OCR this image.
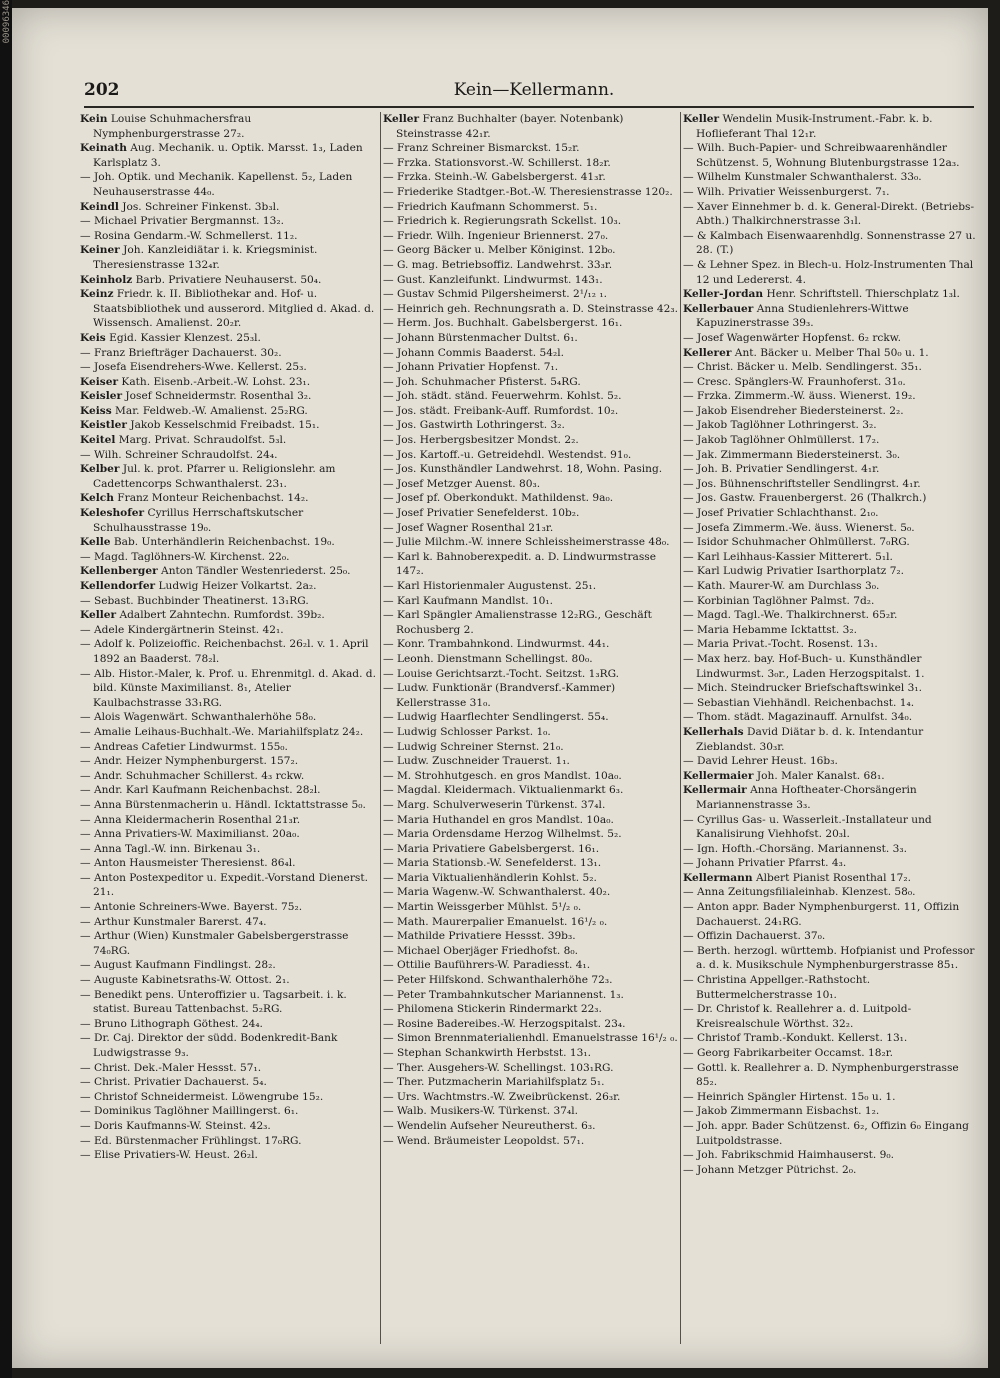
00096346
202	Kein—Kellermann.
Kein Louise Schuhmachersfrau Nymphenburgerstrasse 27₂.
Keinath Aug. Mechanik. u. Optik. Marsst. 1₃, Laden Karlsplatz 3.
— Joh. Optik. und Mechanik. Kapellenst. 5₂, Laden Neuhauserstrasse 44₀.
Keindl Jos. Schreiner Finkenst. 3b₃l.
— Michael Privatier Bergmannst. 13₂.
— Rosina Gendarm.-W. Schmellerst. 11₂.
Keiner Joh. Kanzleidiätar i. k. Kriegsminist. Theresienstrasse 132₄r.
Keinholz Barb. Privatiere Neuhauserst. 50₄.
Keinz Friedr. k. II. Bibliothekar and. Hof- u. Staatsbibliothek und ausserord. Mitglied d. Akad. d. Wissensch. Amalienst. 20₂r.
Keis Egid. Kassier Klenzest. 25₃l.
— Franz Briefträger Dachauerst. 30₂.
— Josefa Eisendrehers-Wwe. Kellerst. 25₃.
Keiser Kath. Eisenb.-Arbeit.-W. Lohst. 23₁.
Keisler Josef Schneidermstr. Rosenthal 3₂.
Keiss Mar. Feldweb.-W. Amalienst. 25₂RG.
Keistler Jakob Kesselschmid Freibadst. 15₁.
Keitel Marg. Privat. Schraudolfst. 5₃l.
— Wilh. Schreiner Schraudolfst. 24₄.
Kelber Jul. k. prot. Pfarrer u. Religionslehr. am Cadettencorps Schwanthalerst. 23₁.
Kelch Franz Monteur Reichenbachst. 14₂.
Keleshofer Cyrillus Herrschaftskutscher Schulhausstrasse 19₀.
Kelle Bab. Unterhändlerin Reichenbachst. 19₀.
— Magd. Taglöhners-W. Kirchenst. 22₀.
Kellenberger Anton Tändler Westenriederst. 25₀.
Kellendorfer Ludwig Heizer Volkartst. 2a₂.
— Sebast. Buchbinder Theatinerst. 13₁RG.
Keller Adalbert Zahntechn. Rumfordst. 39b₂.
— Adele Kindergärtnerin Steinst. 42₁.
— Adolf k. Polizeioffic. Reichenbachst. 26₂l. v. 1. April 1892 an Baaderst. 78₂l.
— Alb. Histor.-Maler, k. Prof. u. Ehrenmitgl. d. Akad. d. bild. Künste Maximilianst. 8₁, Atelier Kaulbachstrasse 33₁RG.
— Alois Wagenwärt. Schwanthalerhöhe 58₀.
— Amalie Leihaus-Buchhalt.-We. Mariahilfsplatz 24₂.
— Andreas Cafetier Lindwurmst. 155₀.
— Andr. Heizer Nymphenburgerst. 157₂.
— Andr. Schuhmacher Schillerst. 4₃ rckw.
— Andr. Karl Kaufmann Reichenbachst. 28₂l.
— Anna Bürstenmacherin u. Händl. Icktattstrasse 5₀.
— Anna Kleidermacherin Rosenthal 21₃r.
— Anna Privatiers-W. Maximilianst. 20a₀.
— Anna Tagl.-W. inn. Birkenau 3₁.
— Anton Hausmeister Theresienst. 86₄l.
— Anton Postexpeditor u. Expedit.-Vorstand Dienerst. 21₁.
— Antonie Schreiners-Wwe. Bayerst. 75₂.
— Arthur Kunstmaler Barerst. 47₄.
— Arthur (Wien) Kunstmaler Gabelsbergerstrasse 74₀RG.
— August Kaufmann Findlingst. 28₂.
— Auguste Kabinetsraths-W. Ottost. 2₁.
— Benedikt pens. Unteroffizier u. Tagsarbeit. i. k. statist. Bureau Tattenbachst. 5₂RG.
— Bruno Lithograph Göthest. 24₄.
— Dr. Caj. Direktor der südd. Bodenkredit-Bank Ludwigstrasse 9₃.
— Christ. Dek.-Maler Hessst. 57₁.
— Christ. Privatier Dachauerst. 5₄.
— Christof Schneidermeist. Löwengrube 15₂.
— Dominikus Taglöhner Maillingerst. 6₁.
— Doris Kaufmanns-W. Steinst. 42₃.
— Ed. Bürstenmacher Frühlingst. 17₀RG.
— Elise Privatiers-W. Heust. 26₂l.
Keller Franz Buchhalter (bayer. Notenbank) Steinstrasse 42₁r.
— Franz Schreiner Bismarckst. 15₂r.
— Frzka. Stationsvorst.-W. Schillerst. 18₂r.
— Frzka. Steinh.-W. Gabelsbergerst. 41₃r.
— Friederike Stadtger.-Bot.-W. Theresienstrasse 120₂.
— Friedrich Kaufmann Schommerst. 5₁.
— Friedrich k. Regierungsrath Sckellst. 10₃.
— Friedr. Wilh. Ingenieur Briennerst. 27₀.
— Georg Bäcker u. Melber Königinst. 12b₀.
— G. mag. Betriebsoffiz. Landwehrst. 33₃r.
— Gust. Kanzleifunkt. Lindwurmst. 143₁.
— Gustav Schmid Pilgersheimerst. 2¹/₁₂ ₁.
— Heinrich geh. Rechnungsrath a. D. Steinstrasse 42₃.
— Herm. Jos. Buchhalt. Gabelsbergerst. 16₁.
— Johann Bürstenmacher Dultst. 6₁.
— Johann Commis Baaderst. 54₂l.
— Johann Privatier Hopfenst. 7₁.
— Joh. Schuhmacher Pfisterst. 5₄RG.
— Joh. städt. ständ. Feuerwehrm. Kohlst. 5₂.
— Jos. städt. Freibank-Auff. Rumfordst. 10₂.
— Jos. Gastwirth Lothringerst. 3₂.
— Jos. Herbergsbesitzer Mondst. 2₂.
— Jos. Kartoff.-u. Getreidehdl. Westendst. 91₀.
— Jos. Kunsthändler Landwehrst. 18, Wohn. Pasing.
— Josef Metzger Auenst. 80₃.
— Josef pf. Oberkondukt. Mathildenst. 9a₀.
— Josef Privatier Senefelderst. 10b₂.
— Josef Wagner Rosenthal 21₃r.
— Julie Milchm.-W. innere Schleissheimerstrasse 48₀.
— Karl k. Bahnoberexpedit. a. D. Lindwurmstrasse 147₂.
— Karl Historienmaler Augustenst. 25₁.
— Karl Kaufmann Mandlst. 10₁.
— Karl Spängler Amalienstrasse 12₂RG., Geschäft Rochusberg 2.
— Konr. Trambahnkond. Lindwurmst. 44₁.
— Leonh. Dienstmann Schellingst. 80₀.
— Louise Gerichtsarzt.-Tocht. Seitzst. 1₃RG.
— Ludw. Funktionär (Brandversf.-Kammer) Kellerstrasse 31₀.
— Ludwig Haarflechter Sendlingerst. 55₄.
— Ludwig Schlosser Parkst. 1₀.
— Ludwig Schreiner Sternst. 21₀.
— Ludw. Zuschneider Trauerst. 1₁.
— M. Strohhutgesch. en gros Mandlst. 10a₀.
— Magdal. Kleidermach. Viktualienmarkt 6₃.
— Marg. Schulverweserin Türkenst. 37₄l.
— Maria Huthandel en gros Mandlst. 10a₀.
— Maria Ordensdame Herzog Wilhelmst. 5₂.
— Maria Privatiere Gabelsbergerst. 16₁.
— Maria Stationsb.-W. Senefelderst. 13₁.
— Maria Viktualienhändlerin Kohlst. 5₂.
— Maria Wagenw.-W. Schwanthalerst. 40₂.
— Martin Weissgerber Mühlst. 5¹/₂ ₀.
— Math. Maurerpalier Emanuelst. 16¹/₂ ₀.
— Mathilde Privatiere Hessst. 39b₃.
— Michael Oberjäger Friedhofst. 8₀.
— Ottilie Bauführers-W. Paradiesst. 4₁.
— Peter Hilfskond. Schwanthalerhöhe 72₃.
— Peter Trambahnkutscher Mariannenst. 1₃.
— Philomena Stickerin Rindermarkt 22₃.
— Rosine Badereibes.-W. Herzogspitalst. 23₄.
— Simon Brennmaterialienhdl. Emanuelstrasse 16¹/₂ ₀.
— Stephan Schankwirth Herbstst. 13₁.
— Ther. Ausgehers-W. Schellingst. 103₁RG.
— Ther. Putzmacherin Mariahilfsplatz 5₁.
— Urs. Wachtmstrs.-W. Zweibrückenst. 26₃r.
— Walb. Musikers-W. Türkenst. 37₄l.
— Wendelin Aufseher Neureutherst. 6₃.
— Wend. Bräumeister Leopoldst. 57₁.
Keller Wendelin Musik-Instrument.-Fabr. k. b. Hoflieferant Thal 12₁r.
— Wilh. Buch-Papier- und Schreibwaarenhändler Schützenst. 5, Wohnung Blutenburgstrasse 12a₃.
— Wilhelm Kunstmaler Schwanthalerst. 33₀.
— Wilh. Privatier Weissenburgerst. 7₁.
— Xaver Einnehmer b. d. k. General-Direkt. (Betriebs-Abth.) Thalkirchnerstrasse 3₁l.
— & Kalmbach Eisenwaarenhdlg. Sonnenstrasse 27 u. 28. (T.)
— & Lehner Spez. in Blech-u. Holz-Instrumenten Thal 12 und Ledererst. 4.
Keller-Jordan Henr. Schriftstell. Thierschplatz 1₃l.
Kellerbauer Anna Studienlehrers-Wittwe Kapuzinerstrasse 39₃.
— Josef Wagenwärter Hopfenst. 6₂ rckw.
Kellerer Ant. Bäcker u. Melber Thal 50₀ u. 1.
— Christ. Bäcker u. Melb. Sendlingerst. 35₁.
— Cresc. Spänglers-W. Fraunhoferst. 31₀.
— Frzka. Zimmerm.-W. äuss. Wienerst. 19₂.
— Jakob Eisendreher Biedersteinerst. 2₂.
— Jakob Taglöhner Lothringerst. 3₂.
— Jakob Taglöhner Ohlmüllerst. 17₂.
— Jak. Zimmermann Biedersteinerst. 3₀.
— Joh. B. Privatier Sendlingerst. 4₁r.
— Jos. Bühnenschriftsteller Sendlingrst. 4₁r.
— Jos. Gastw. Frauenbergerst. 26 (Thalkrch.)
— Josef Privatier Schlachthanst. 2₁₀.
— Josefa Zimmerm.-We. äuss. Wienerst. 5₀.
— Isidor Schuhmacher Ohlmüllerst. 7₀RG.
— Karl Leihhaus-Kassier Mitterert. 5₁l.
— Karl Ludwig Privatier Isarthorplatz 7₂.
— Kath. Maurer-W. am Durchlass 3₀.
— Korbinian Taglöhner Palmst. 7d₂.
— Magd. Tagl.-We. Thalkirchnerst. 65₂r.
— Maria Hebamme Icktattst. 3₂.
— Maria Privat.-Tocht. Rosenst. 13₁.
— Max herz. bay. Hof-Buch- u. Kunsthändler Lindwurmst. 3₀r., Laden Herzogspitalst. 1.
— Mich. Steindrucker Briefschaftswinkel 3₁.
— Sebastian Viehhändl. Reichenbachst. 1₄.
— Thom. städt. Magazinauff. Arnulfst. 34₀.
Kellerhals David Diätar b. d. k. Intendantur Zieblandst. 30₃r.
— David Lehrer Heust. 16b₃.
Kellermaier Joh. Maler Kanalst. 68₁.
Kellermair Anna Hoftheater-Chorsängerin Mariannenstrasse 3₃.
— Cyrillus Gas- u. Wasserleit.-Installateur und Kanalisirung Viehhofst. 20₃l.
— Ign. Hofth.-Chorsäng. Mariannenst. 3₃.
— Johann Privatier Pfarrst. 4₃.
Kellermann Albert Pianist Rosenthal 17₂.
— Anna Zeitungsfilialeinhab. Klenzest. 58₀.
— Anton appr. Bader Nymphenburgerst. 11, Offizin Dachauerst. 24₁RG.
— Offizin Dachauerst. 37₀.
— Berth. herzogl. württemb. Hofpianist und Professor a. d. k. Musikschule Nymphenburgerstrasse 85₁.
— Christina Appellger.-Rathstocht. Buttermelcherstrasse 10₁.
— Dr. Christof k. Reallehrer a. d. Luitpold-Kreisrealschule Wörthst. 32₂.
— Christof Tramb.-Kondukt. Kellerst. 13₁.
— Georg Fabrikarbeiter Occamst. 18₂r.
— Gottl. k. Reallehrer a. D. Nymphenburgerstrasse 85₂.
— Heinrich Spängler Hirtenst. 15₀ u. 1.
— Jakob Zimmermann Eisbachst. 1₂.
— Joh. appr. Bader Schützenst. 6₂, Offizin 6₀ Eingang Luitpoldstrasse.
— Joh. Fabrikschmid Haimhauserst. 9₀.
— Johann Metzger Pütrichst. 2₀.
